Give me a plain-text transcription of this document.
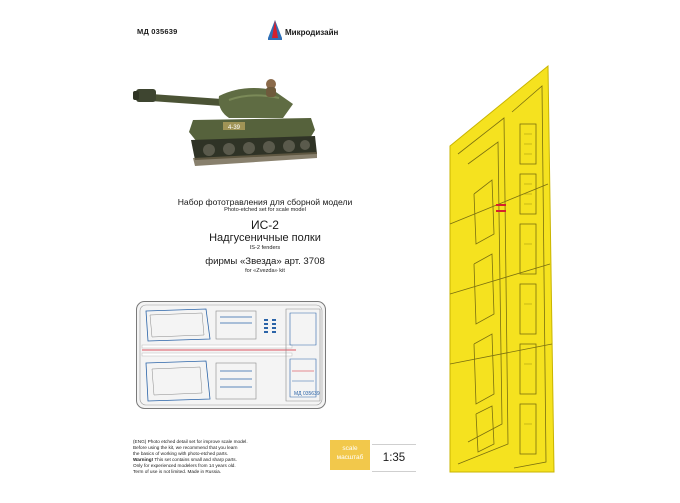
МД 035639	Микродизайн
4-39
Набор фототравления для сборной модели
Photo-etched set for scale model
ИС-2
Надгусеничные полки
IS-2 fenders
фирмы «Звезда» арт. 3708
for «Zvezda» kit
МД 035639
(ENG) Photo etched detail set for improve scale model.
Before using the kit, we recommend that you learn
the basics of working with photo-etched parts.
Warning! This set contains small and sharp parts.
Only for experienced modelers from 14 years old.
Term of use is not limited. Made in Russia.
scale
масштаб	1:35
